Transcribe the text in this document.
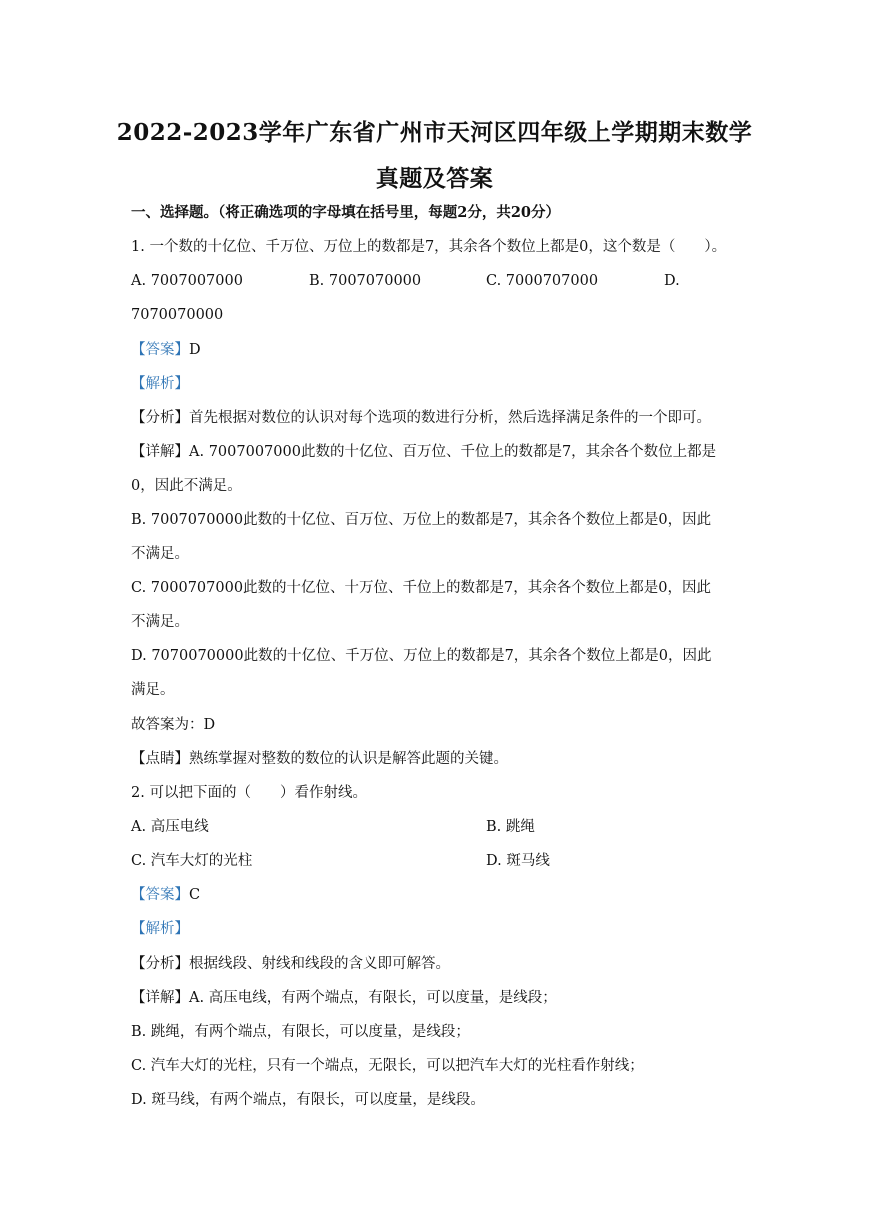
2022-2023学年广东省广州市天河区四年级上学期期末数学
真题及答案
一、选择题。（将正确选项的字母填在括号里，每题2分，共20分）
1. 一个数的十亿位、千万位、万位上的数都是7，其余各个数位上都是0，这个数是（　　）。
A. 7007007000	B. 7007070000	C. 7000707000	D.
7070070000
【答案】D
【解析】
【分析】首先根据对数位的认识对每个选项的数进行分析，然后选择满足条件的一个即可。
【详解】A. 7007007000此数的十亿位、百万位、千位上的数都是7，其余各个数位上都是
0，因此不满足。
B. 7007070000此数的十亿位、百万位、万位上的数都是7，其余各个数位上都是0，因此
不满足。
C. 7000707000此数的十亿位、十万位、千位上的数都是7，其余各个数位上都是0，因此
不满足。
D. 7070070000此数的十亿位、千万位、万位上的数都是7，其余各个数位上都是0，因此
满足。
故答案为：D
【点睛】熟练掌握对整数的数位的认识是解答此题的关键。
2. 可以把下面的（　　）看作射线。
A. 高压电线	B. 跳绳
C. 汽车大灯的光柱	D. 斑马线
【答案】C
【解析】
【分析】根据线段、射线和线段的含义即可解答。
【详解】A. 高压电线，有两个端点，有限长，可以度量，是线段；
B. 跳绳，有两个端点，有限长，可以度量，是线段；
C. 汽车大灯的光柱，只有一个端点，无限长，可以把汽车大灯的光柱看作射线；
D. 斑马线，有两个端点，有限长，可以度量，是线段。
